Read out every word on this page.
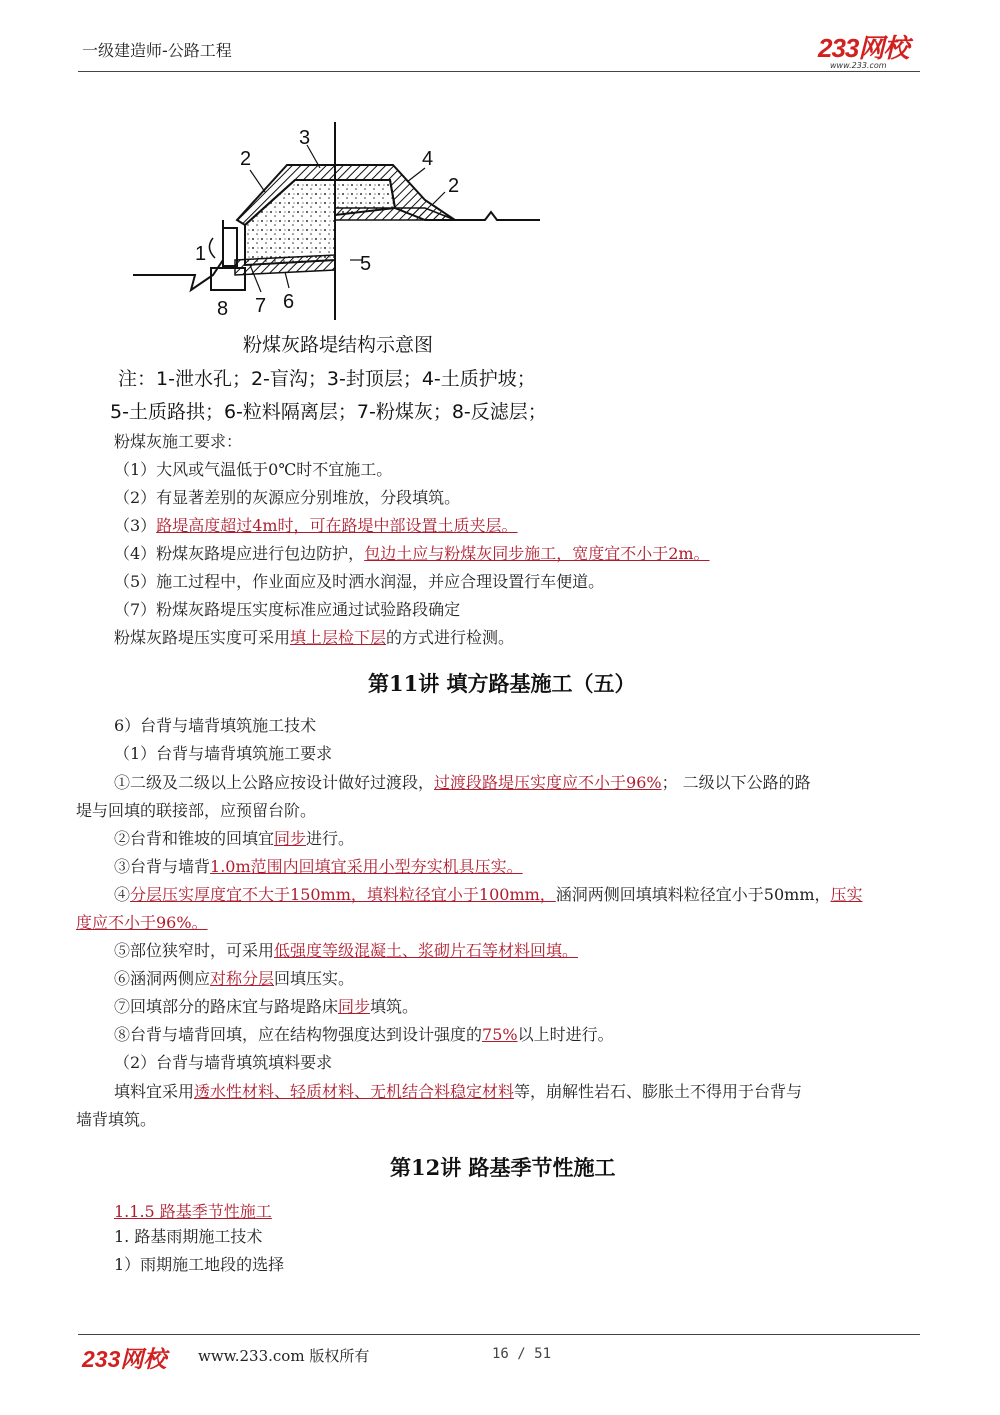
一级建造师-公路工程	233网校
www.233.com
1
2
3
4
2
5
6
7
8
粉煤灰路堤结构示意图
注：1-泄水孔；2-盲沟；3-封顶层；4-土质护坡；
5-土质路拱；6-粒料隔离层；7-粉煤灰；8-反滤层；
粉煤灰施工要求：
（1）大风或气温低于0℃时不宜施工。
（2）有显著差别的灰源应分别堆放，分段填筑。
（3）路堤高度超过4m时，可在路堤中部设置土质夹层。
（4）粉煤灰路堤应进行包边防护，包边土应与粉煤灰同步施工，宽度宜不小于2m。
（5）施工过程中，作业面应及时洒水润湿，并应合理设置行车便道。
（7）粉煤灰路堤压实度标准应通过试验路段确定
粉煤灰路堤压实度可采用填上层检下层的方式进行检测。
第11讲 填方路基施工（五）
6）台背与墙背填筑施工技术
（1）台背与墙背填筑施工要求
①二级及二级以上公路应按设计做好过渡段，过渡段路堤压实度应不小于96%； 二级以下公路的路
堤与回填的联接部，应预留台阶。
②台背和锥坡的回填宜同步进行。
③台背与墙背1.0m范围内回填宜采用小型夯实机具压实。
④分层压实厚度宜不大于150mm，填料粒径宜小于100mm，涵洞两侧回填填料粒径宜小于50mm，压实
度应不小于96%。
⑤部位狭窄时，可采用低强度等级混凝土、浆砌片石等材料回填。
⑥涵洞两侧应对称分层回填压实。
⑦回填部分的路床宜与路堤路床同步填筑。
⑧台背与墙背回填，应在结构物强度达到设计强度的75%以上时进行。
（2）台背与墙背填筑填料要求
填料宜采用透水性材料、轻质材料、无机结合料稳定材料等，崩解性岩石、膨胀土不得用于台背与
墙背填筑。
第12讲 路基季节性施工
1.1.5 路基季节性施工
1. 路基雨期施工技术
1）雨期施工地段的选择
233网校 www.233.com 版权所有	16 / 51
